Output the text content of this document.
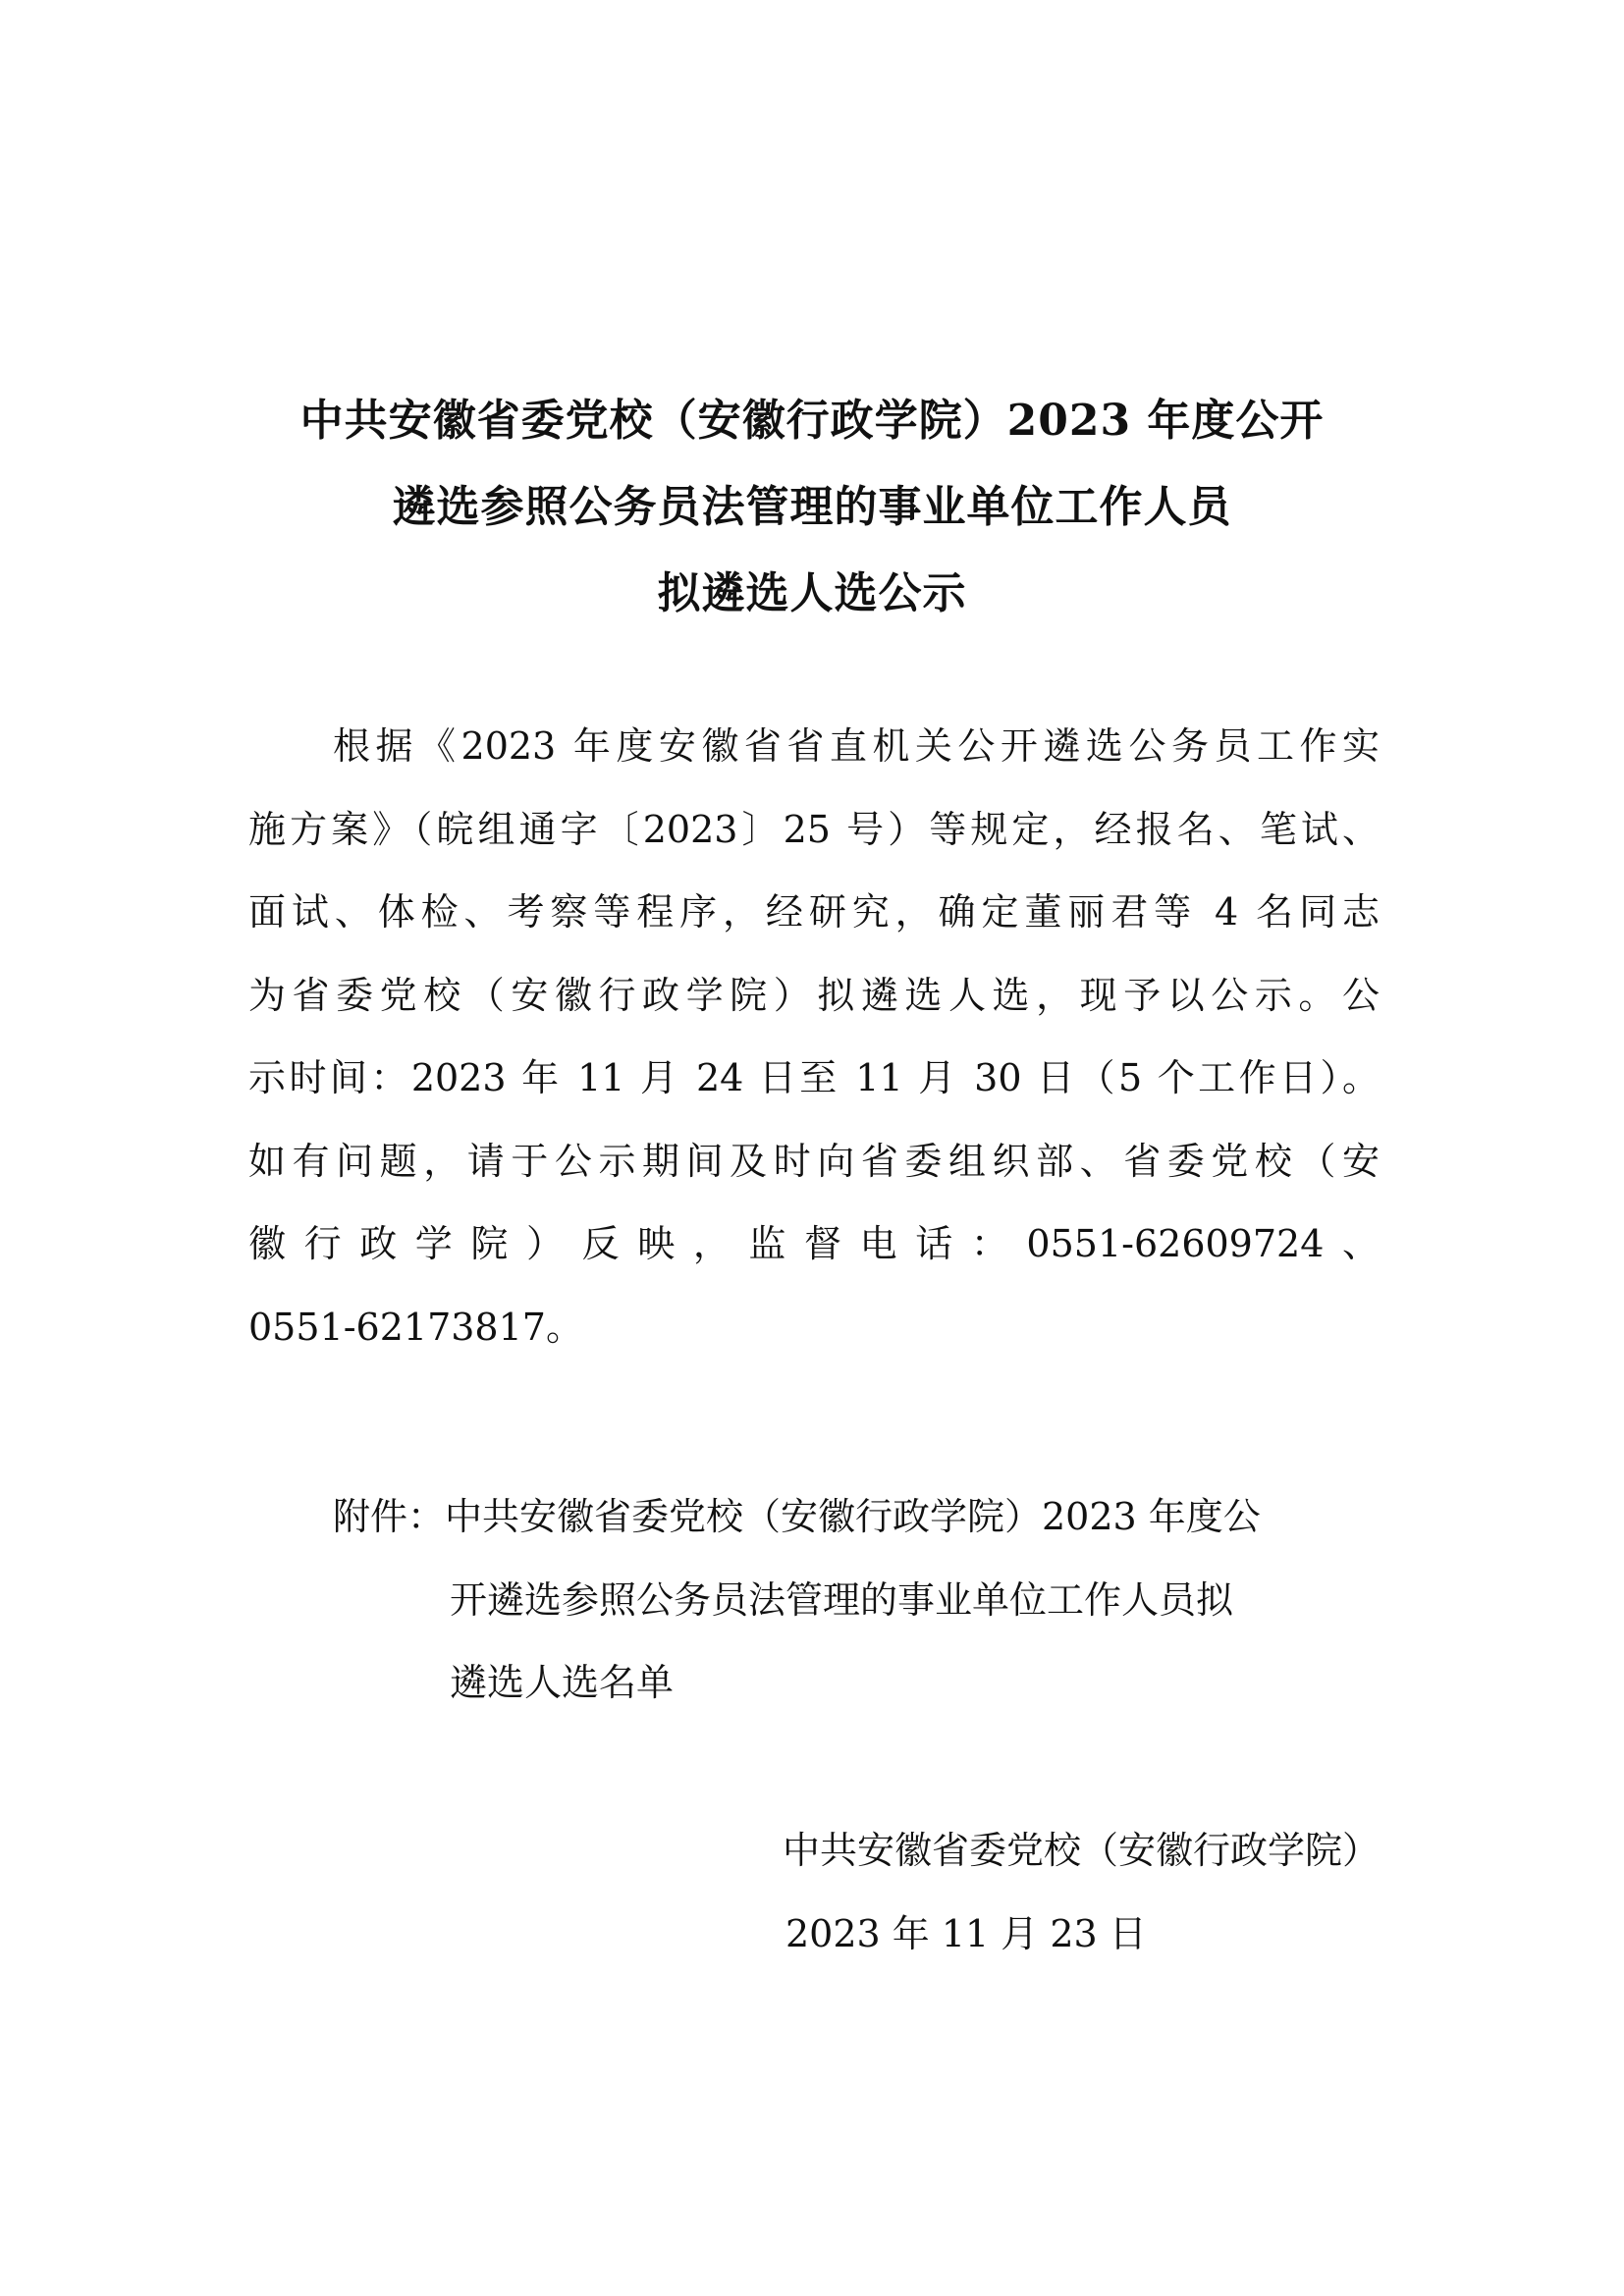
中共安徽省委党校（安徽行政学院）2023 年度公开
遴选参照公务员法管理的事业单位工作人员
拟遴选人选公示
根据《2023 年度安徽省省直机关公开遴选公务员工作实
施方案》（皖组通字〔2023〕25 号）等规定，经报名、笔试、
面试、体检、考察等程序，经研究，确定董丽君等 4 名同志
为省委党校（安徽行政学院）拟遴选人选，现予以公示。公
示时间：2023 年 11 月 24 日至 11 月 30 日（5 个工作日）。
如有问题，请于公示期间及时向省委组织部、省委党校（安
徽行政学院）反映，监督电话：0551-62609724、
0551-62173817。
附件：中共安徽省委党校（安徽行政学院）2023 年度公
开遴选参照公务员法管理的事业单位工作人员拟
遴选人选名单
中共安徽省委党校（安徽行政学院）
2023 年 11 月 23 日
